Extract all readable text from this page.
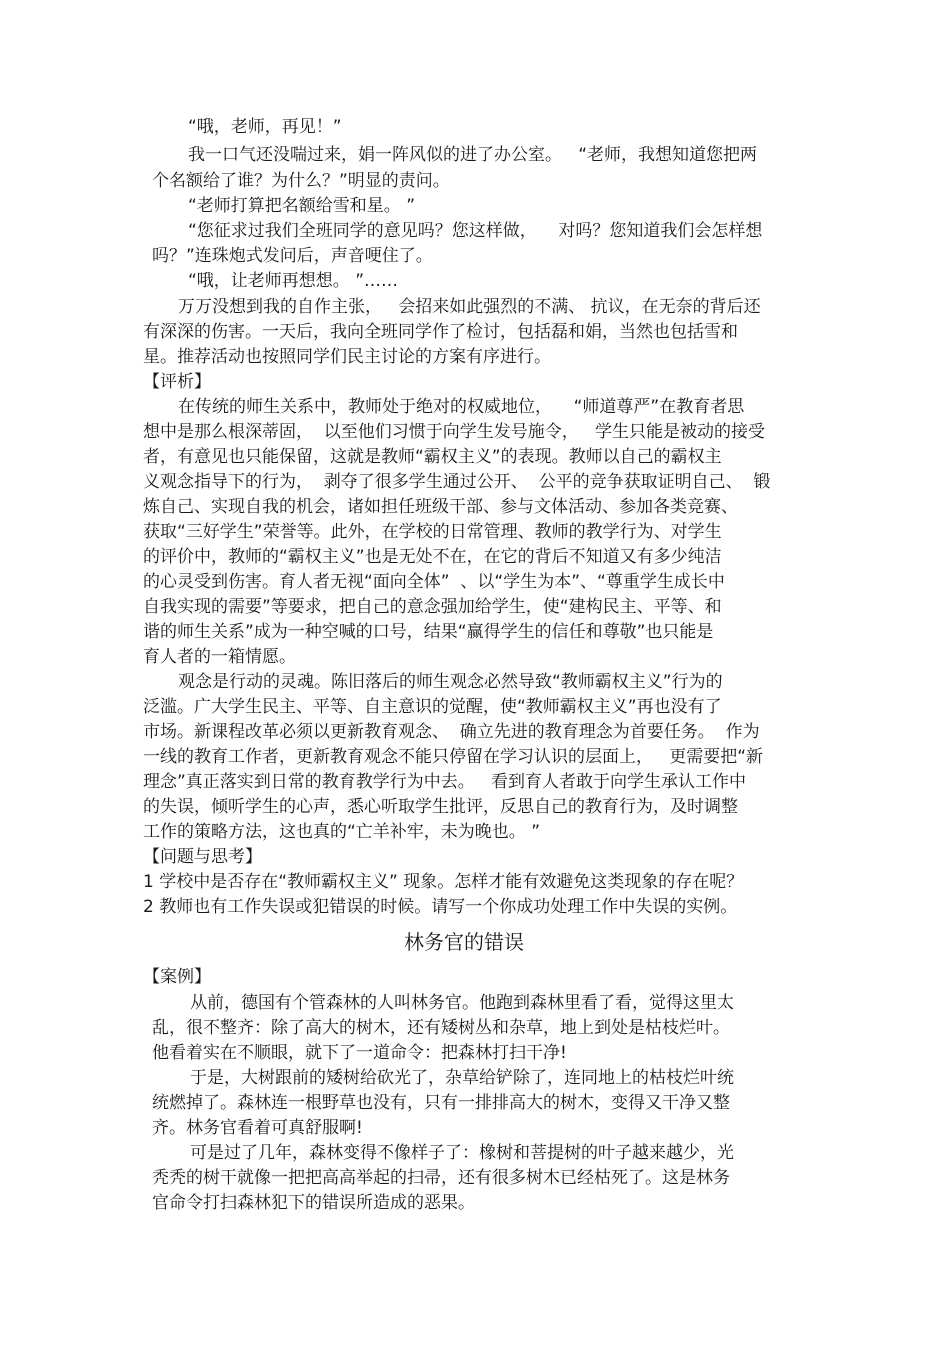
“哦，老师，再见！”
我一口气还没喘过来，娟一阵风似的进了办公室。   “老师，我想知道您把两
个名额给了谁？为什么？”明显的责问。
“老师打算把名额给雪和星。 ”
“您征求过我们全班同学的意见吗？您这样做，    对吗？您知道我们会怎样想
吗？”连珠炮式发问后，声音哽住了。
“哦，让老师再想想。 ”……
万万没想到我的自作主张，   会招来如此强烈的不满、 抗议，在无奈的背后还
有深深的伤害。一天后，我向全班同学作了检讨，包括磊和娟，当然也包括雪和
星。推荐活动也按照同学们民主讨论的方案有序进行。
【评析】
在传统的师生关系中，教师处于绝对的权威地位，    “师道尊严”在教育者思
想中是那么根深蒂固，  以至他们习惯于向学生发号施令，   学生只能是被动的接受
者，有意见也只能保留，这就是教师“霸权主义”的表现。教师以自己的霸权主
义观念指导下的行为，  剥夺了很多学生通过公开、  公平的竞争获取证明自己、  锻
炼自己、实现自我的机会，诸如担任班级干部、参与文体活动、参加各类竞赛、
获取“三好学生”荣誉等。此外，在学校的日常管理、教师的教学行为、对学生
的评价中，教师的“霸权主义”也是无处不在，在它的背后不知道又有多少纯洁
的心灵受到伤害。育人者无视“面向全体”  、以“学生为本”、“尊重学生成长中
自我实现的需要”等要求，把自己的意念强加给学生，使“建构民主、平等、和
谐的师生关系”成为一种空喊的口号，结果“赢得学生的信任和尊敬”也只能是
育人者的一箱情愿。
观念是行动的灵魂。陈旧落后的师生观念必然导致“教师霸权主义”行为的
泛滥。广大学生民主、平等、自主意识的觉醒，使“教师霸权主义”再也没有了
市场。新课程改革必须以更新教育观念、  确立先进的教育理念为首要任务。  作为
一线的教育工作者，更新教育观念不能只停留在学习认识的层面上，   更需要把“新
理念”真正落实到日常的教育教学行为中去。   看到育人者敢于向学生承认工作中
的失误，倾听学生的心声，悉心听取学生批评，反思自己的教育行为，及时调整
工作的策略方法，这也真的“亡羊补牢，未为晚也。 ”
【问题与思考】
1 学校中是否存在“教师霸权主义” 现象。怎样才能有效避免这类现象的存在呢？
2 教师也有工作失误或犯错误的时候。请写一个你成功处理工作中失误的实例。
林务官的错误
【案例】
从前，德国有个管森林的人叫林务官。他跑到森林里看了看，觉得这里太
乱，很不整齐：除了高大的树木，还有矮树丛和杂草，地上到处是枯枝烂叶。
他看着实在不顺眼，就下了一道命令：把森林打扫干净!
于是，大树跟前的矮树给砍光了，杂草给铲除了，连同地上的枯枝烂叶统
统燃掉了。森林连一根野草也没有，只有一排排高大的树木，变得又干净又整
齐。林务官看着可真舒服啊!
可是过了几年，森林变得不像样子了：橡树和菩提树的叶子越来越少，光
秃秃的树干就像一把把高高举起的扫帚，还有很多树木已经枯死了。这是林务
官命令打扫森林犯下的错误所造成的恶果。
